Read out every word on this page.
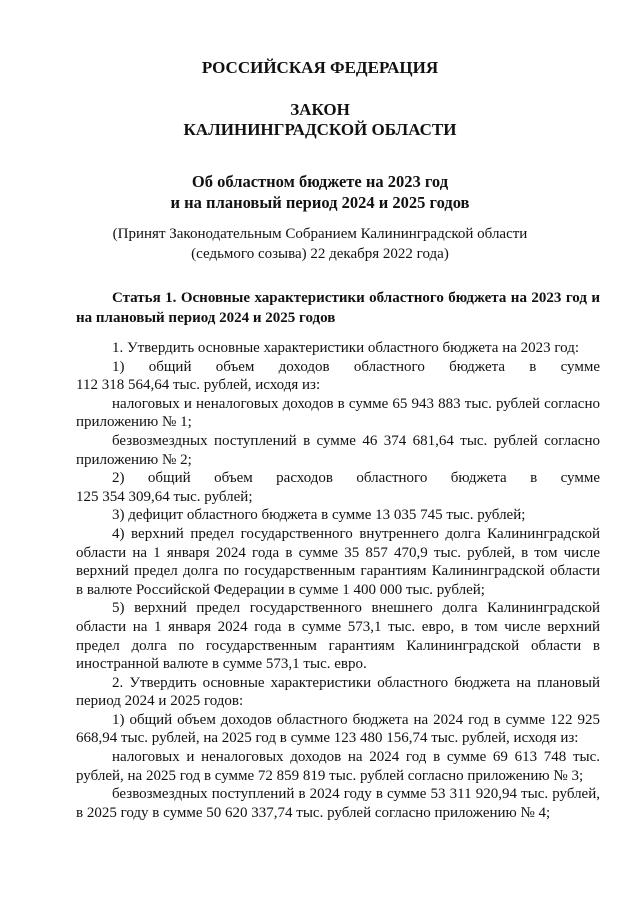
РОССИЙСКАЯ ФЕДЕРАЦИЯ
ЗАКОН
КАЛИНИНГРАДСКОЙ ОБЛАСТИ
Об областном бюджете на 2023 год
и на плановый период 2024 и 2025 годов
(Принят Законодательным Собранием Калининградской области
(седьмого созыва) 22 декабря 2022 года)

Статья 1. Основные характеристики областного бюджета на 2023 год и на плановый период 2024 и 2025 годов

1. Утвердить основные характеристики областного бюджета на 2023 год:

1) общий объем доходов областного бюджета в сумме

112 318 564,64 тыс. рублей, исходя из:

налоговых и неналоговых доходов в сумме 65 943 883 тыс. рублей согласно приложению № 1;

безвозмездных поступлений в сумме 46 374 681,64 тыс. рублей согласно приложению № 2;

2) общий объем расходов областного бюджета в сумме

125 354 309,64 тыс. рублей;

3) дефицит областного бюджета в сумме 13 035 745 тыс. рублей;

4) верхний предел государственного внутреннего долга Калининградской области на 1 января 2024 года в сумме 35 857 470,9 тыс. рублей, в том числе верхний предел долга по государственным гарантиям Калининградской области в валюте Российской Федерации в сумме 1 400 000 тыс. рублей;

5) верхний предел государственного внешнего долга Калининградской области на 1 января 2024 года в сумме 573,1 тыс. евро, в том числе верхний предел долга по государственным гарантиям Калининградской области в иностранной валюте в сумме 573,1 тыс. евро.

2. Утвердить основные характеристики областного бюджета на плановый период 2024 и 2025 годов:

1) общий объем доходов областного бюджета на 2024 год в сумме 122 925 668,94 тыс. рублей, на 2025 год в сумме 123 480 156,74 тыс. рублей, исходя из:

налоговых и неналоговых доходов на 2024 год в сумме 69 613 748 тыс. рублей, на 2025 год в сумме 72 859 819 тыс. рублей согласно приложению № 3;

безвозмездных поступлений в 2024 году в сумме 53 311 920,94 тыс. рублей, в 2025 году в сумме 50 620 337,74 тыс. рублей согласно приложению № 4;
